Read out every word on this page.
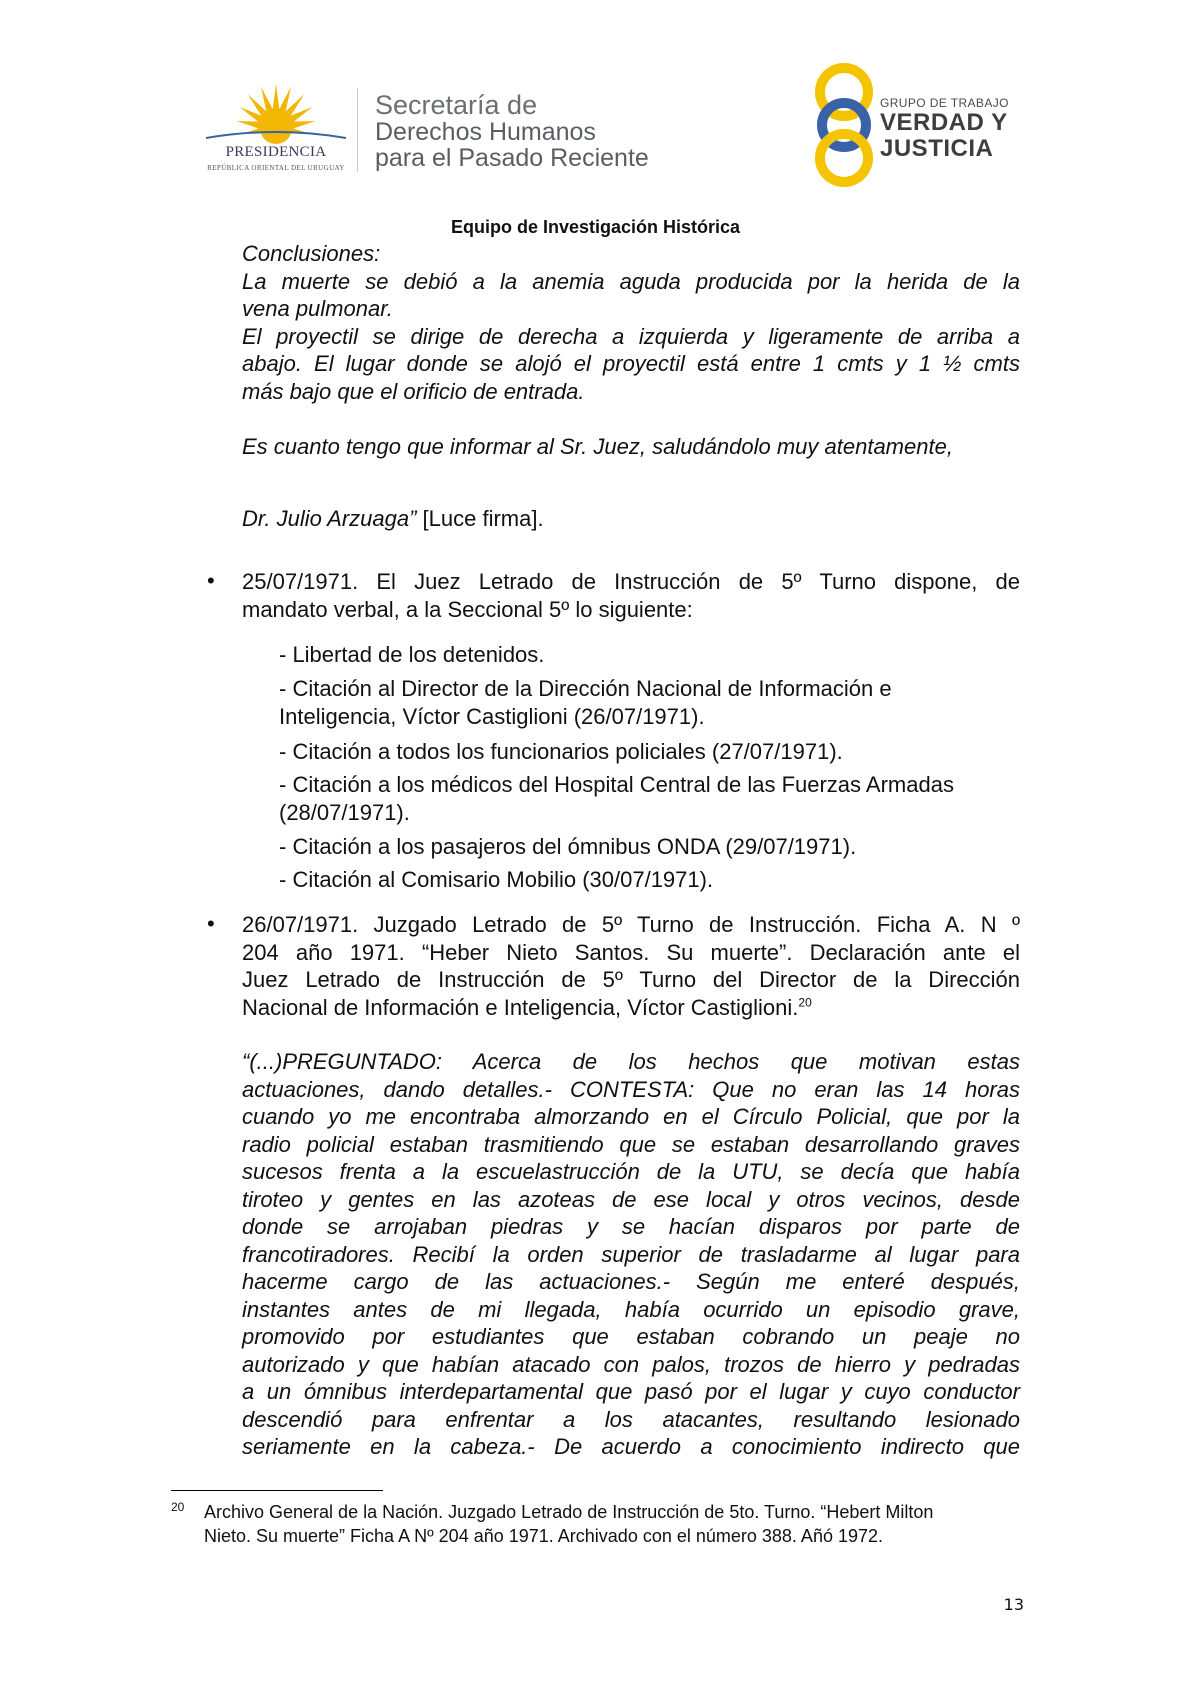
PRESIDENCIA
REPÚBLICA ORIENTAL DEL URUGUAY
Secretaría de
Derechos Humanos
para el Pasado Reciente
GRUPO DE TRABAJO
VERDAD Y
JUSTICIA
Equipo de Investigación Histórica
Conclusiones:
La muerte se debió a la anemia aguda producida por la herida de la
vena pulmonar.
El proyectil se dirige de derecha a izquierda y ligeramente de arriba a
abajo. El lugar donde se alojó el proyectil está entre 1 cmts y 1 ½ cmts
más bajo que el orificio de entrada.
Es cuanto tengo que informar al Sr. Juez, saludándolo muy atentamente,
Dr. Julio Arzuaga” [Luce firma].
• 25/07/1971. El Juez Letrado de Instrucción de 5º Turno dispone, de
mandato verbal, a la Seccional 5º lo siguiente:
- Libertad de los detenidos.
- Citación al Director de la Dirección Nacional de Información e
Inteligencia, Víctor Castiglioni (26/07/1971).
- Citación a todos los funcionarios policiales (27/07/1971).
- Citación a los médicos del Hospital Central de las Fuerzas Armadas
(28/07/1971).
- Citación a los pasajeros del ómnibus ONDA (29/07/1971).
- Citación al Comisario Mobilio (30/07/1971).
• 26/07/1971. Juzgado Letrado de 5º Turno de Instrucción. Ficha A. N º
204 año 1971. “Heber Nieto Santos. Su muerte”. Declaración ante el
Juez Letrado de Instrucción de 5º Turno del Director de la Dirección
Nacional de Información e Inteligencia, Víctor Castiglioni.$^{20}$
“(...)PREGUNTADO: Acerca de los hechos que motivan estas
actuaciones, dando detalles.- CONTESTA: Que no eran las 14 horas
cuando yo me encontraba almorzando en el Círculo Policial, que por la
radio policial estaban trasmitiendo que se estaban desarrollando graves
sucesos frenta a la escuelastrucción de la UTU, se decía que había
tiroteo y gentes en las azoteas de ese local y otros vecinos, desde
donde se arrojaban piedras y se hacían disparos por parte de
francotiradores. Recibí la orden superior de trasladarme al lugar para
hacerme cargo de las actuaciones.- Según me enteré después,
instantes antes de mi llegada, había ocurrido un episodio grave,
promovido por estudiantes que estaban cobrando un peaje no
autorizado y que habían atacado con palos, trozos de hierro y pedradas
a un ómnibus interdepartamental que pasó por el lugar y cuyo conductor
descendió para enfrentar a los atacantes, resultando lesionado
seriamente en la cabeza.- De acuerdo a conocimiento indirecto que
20 Archivo General de la Nación. Juzgado Letrado de Instrucción de 5to. Turno. “Hebert Milton
Nieto. Su muerte” Ficha A Nº 204 año 1971. Archivado con el número 388. Añó 1972.
13
